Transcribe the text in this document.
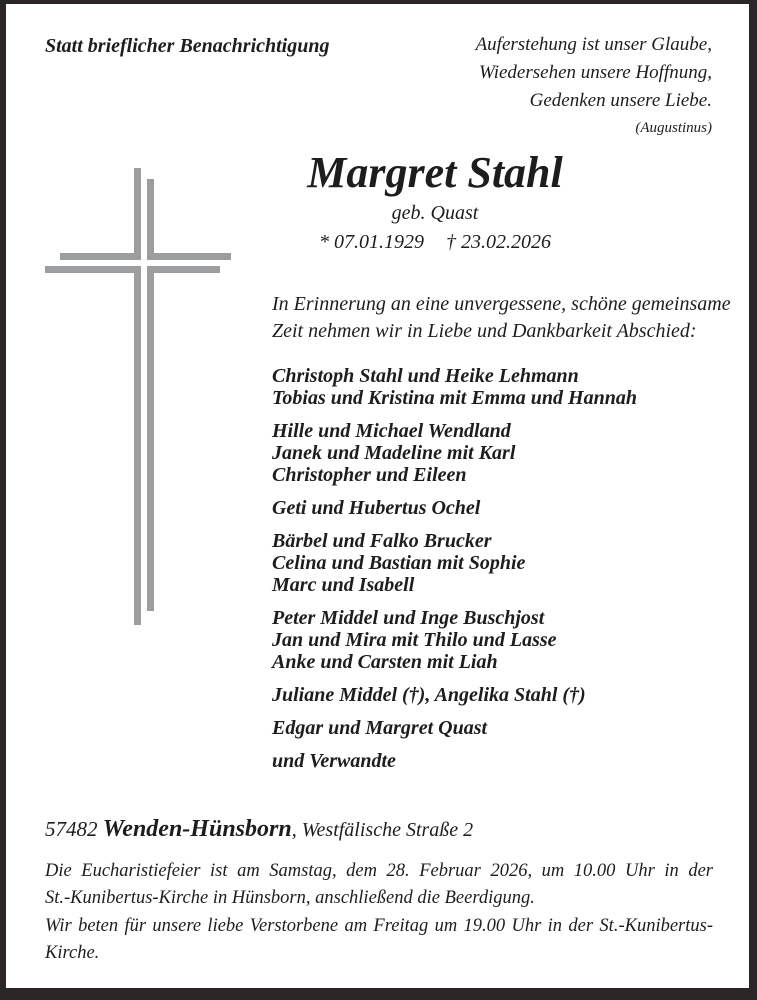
Statt brieflicher Benachrichtigung	Auferstehung ist unser Glaube,
Wiedersehen unsere Hoffnung,
Gedenken unsere Liebe.
(Augustinus)
Margret Stahl
geb. Quast
* 07.01.1929 † 23.02.2026
In Erinnerung an eine unvergessene, schöne gemeinsame
Zeit nehmen wir in Liebe und Dankbarkeit Abschied:
Christoph Stahl und Heike Lehmann
Tobias und Kristina mit Emma und Hannah
Hille und Michael Wendland
Janek und Madeline mit Karl
Christopher und Eileen
Geti und Hubertus Ochel
Bärbel und Falko Brucker
Celina und Bastian mit Sophie
Marc und Isabell
Peter Middel und Inge Buschjost
Jan und Mira mit Thilo und Lasse
Anke und Carsten mit Liah
Juliane Middel (†), Angelika Stahl (†)
Edgar und Margret Quast
und Verwandte
57482 Wenden-Hünsborn, Westfälische Straße 2
Die Eucharistiefeier ist am Samstag, dem 28. Februar 2026, um 10.00 Uhr in der
St.-Kunibertus-Kirche in Hünsborn, anschließend die Beerdigung.
Wir beten für unsere liebe Verstorbene am Freitag um 19.00 Uhr in der St.-Kunibertus-
Kirche.
